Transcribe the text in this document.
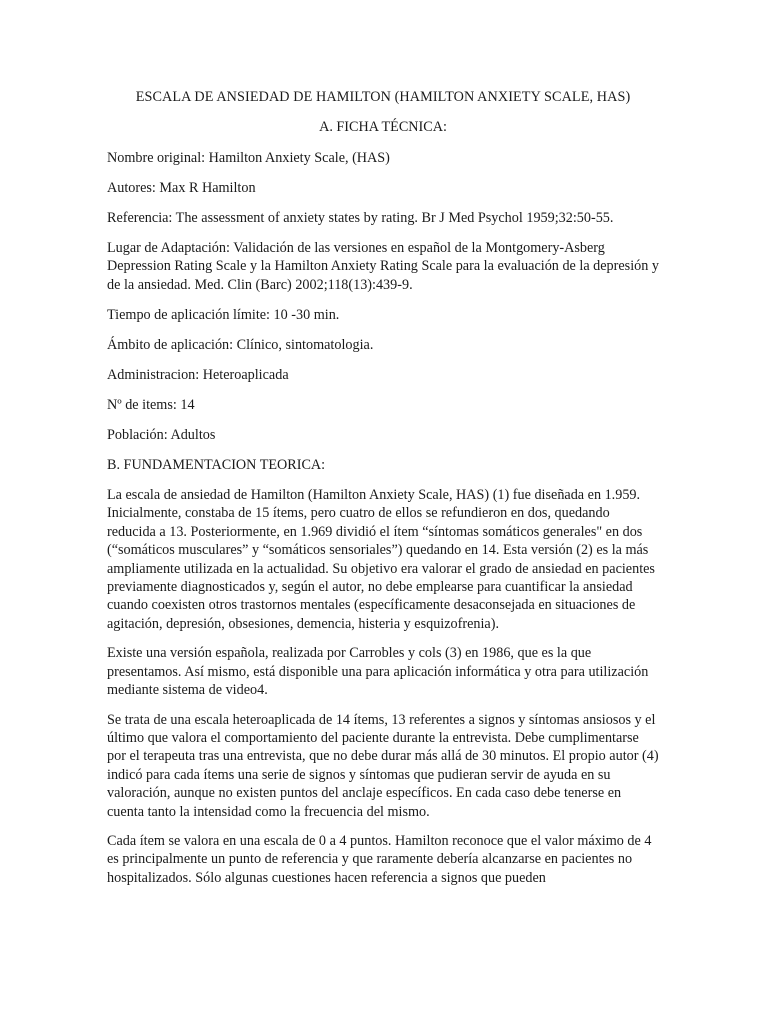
ESCALA DE ANSIEDAD DE HAMILTON (HAMILTON ANXIETY SCALE, HAS)
A. FICHA TÉCNICA:
Nombre original: Hamilton Anxiety Scale, (HAS)
Autores: Max R Hamilton
Referencia: The assessment of anxiety states by rating. Br J Med Psychol 1959;32:50-55.
Lugar de Adaptación: Validación de las versiones en español de la Montgomery-Asberg Depression Rating Scale y la Hamilton Anxiety Rating Scale para la evaluación de la depresión y de la ansiedad. Med. Clin (Barc) 2002;118(13):439-9.
Tiempo de aplicación límite: 10 -30 min.
Ámbito de aplicación: Clínico, sintomatologia.
Administracion: Heteroaplicada
Nº de items: 14
Población: Adultos
B. FUNDAMENTACION TEORICA:
La escala de ansiedad de Hamilton (Hamilton Anxiety Scale, HAS) (1) fue diseñada en 1.959. Inicialmente, constaba de 15 ítems, pero cuatro de ellos se refundieron en dos, quedando reducida a 13. Posteriormente, en 1.969 dividió el ítem “síntomas somáticos generales" en dos (“somáticos musculares” y “somáticos sensoriales”) quedando en 14. Esta versión (2) es la más ampliamente utilizada en la actualidad. Su objetivo era valorar el grado de ansiedad en pacientes previamente diagnosticados y, según el autor, no debe emplearse para cuantificar la ansiedad cuando coexisten otros trastornos mentales (específicamente desaconsejada en situaciones de agitación, depresión, obsesiones, demencia, histeria y esquizofrenia).
Existe una versión española, realizada por Carrobles y cols (3) en 1986, que es la que presentamos. Así mismo, está disponible una para aplicación informática y otra para utilización mediante sistema de video4.
Se trata de una escala heteroaplicada de 14 ítems, 13 referentes a signos y síntomas ansiosos y el último que valora el comportamiento del paciente durante la entrevista. Debe cumplimentarse por el terapeuta tras una entrevista, que no debe durar más allá de 30 minutos. El propio autor (4) indicó para cada ítems una serie de signos y síntomas que pudieran servir de ayuda en su valoración, aunque no existen puntos del anclaje específicos. En cada caso debe tenerse en cuenta tanto la intensidad como la frecuencia del mismo.
Cada ítem se valora en una escala de 0 a 4 puntos. Hamilton reconoce que el valor máximo de 4 es principalmente un punto de referencia y que raramente debería alcanzarse en pacientes no hospitalizados. Sólo algunas cuestiones hacen referencia a signos que pueden
